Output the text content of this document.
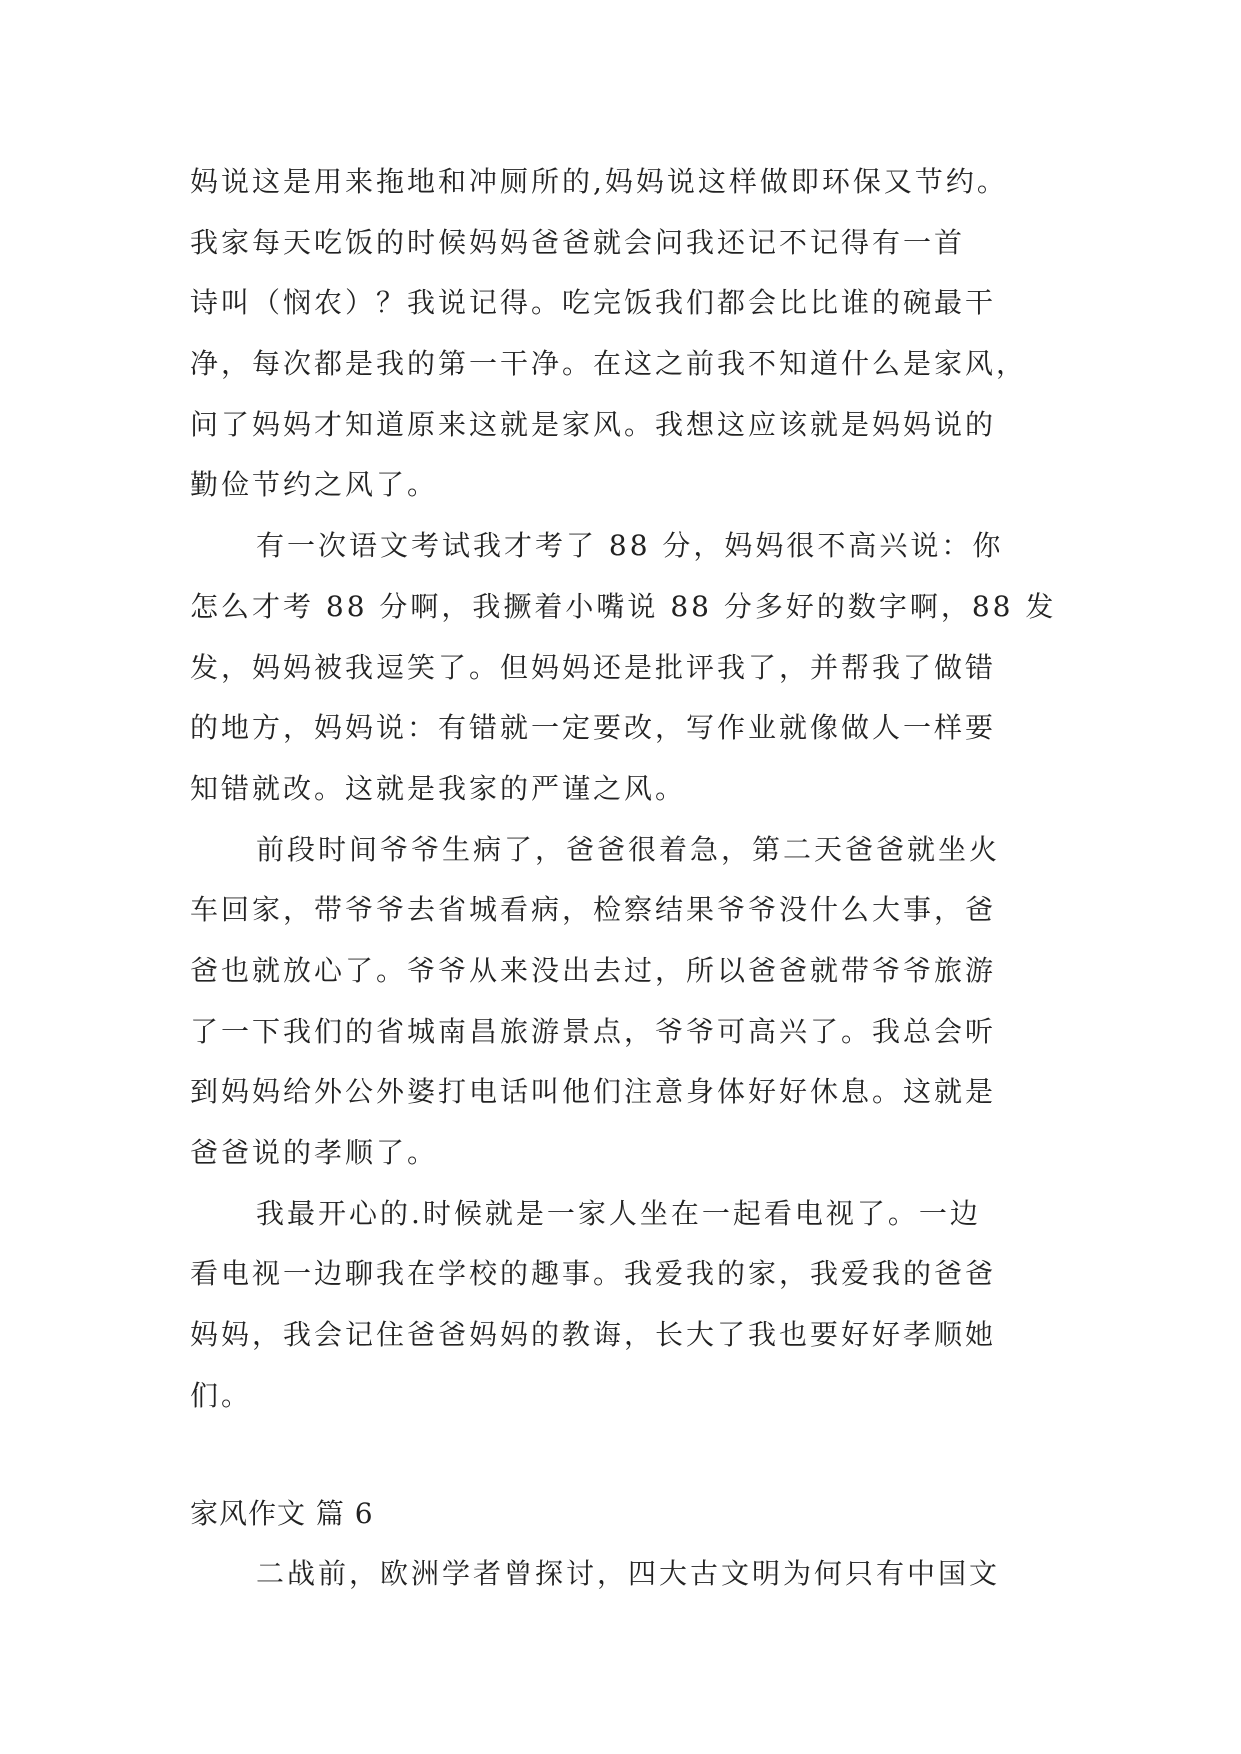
妈说这是用来拖地和冲厕所的,妈妈说这样做即环保又节约。
我家每天吃饭的时候妈妈爸爸就会问我还记不记得有一首
诗叫（悯农）？我说记得。吃完饭我们都会比比谁的碗最干
净，每次都是我的第一干净。在这之前我不知道什么是家风，
问了妈妈才知道原来这就是家风。我想这应该就是妈妈说的
勤俭节约之风了。
有一次语文考试我才考了 88 分，妈妈很不高兴说：你
怎么才考 88 分啊，我撅着小嘴说 88 分多好的数字啊，88 发
发，妈妈被我逗笑了。但妈妈还是批评我了，并帮我了做错
的地方，妈妈说：有错就一定要改，写作业就像做人一样要
知错就改。这就是我家的严谨之风。
前段时间爷爷生病了，爸爸很着急，第二天爸爸就坐火
车回家，带爷爷去省城看病，检察结果爷爷没什么大事，爸
爸也就放心了。爷爷从来没出去过，所以爸爸就带爷爷旅游
了一下我们的省城南昌旅游景点，爷爷可高兴了。我总会听
到妈妈给外公外婆打电话叫他们注意身体好好休息。这就是
爸爸说的孝顺了。
我最开心的.时候就是一家人坐在一起看电视了。一边
看电视一边聊我在学校的趣事。我爱我的家，我爱我的爸爸
妈妈，我会记住爸爸妈妈的教诲，长大了我也要好好孝顺她
们。
家风作文 篇 6
二战前，欧洲学者曾探讨，四大古文明为何只有中国文
